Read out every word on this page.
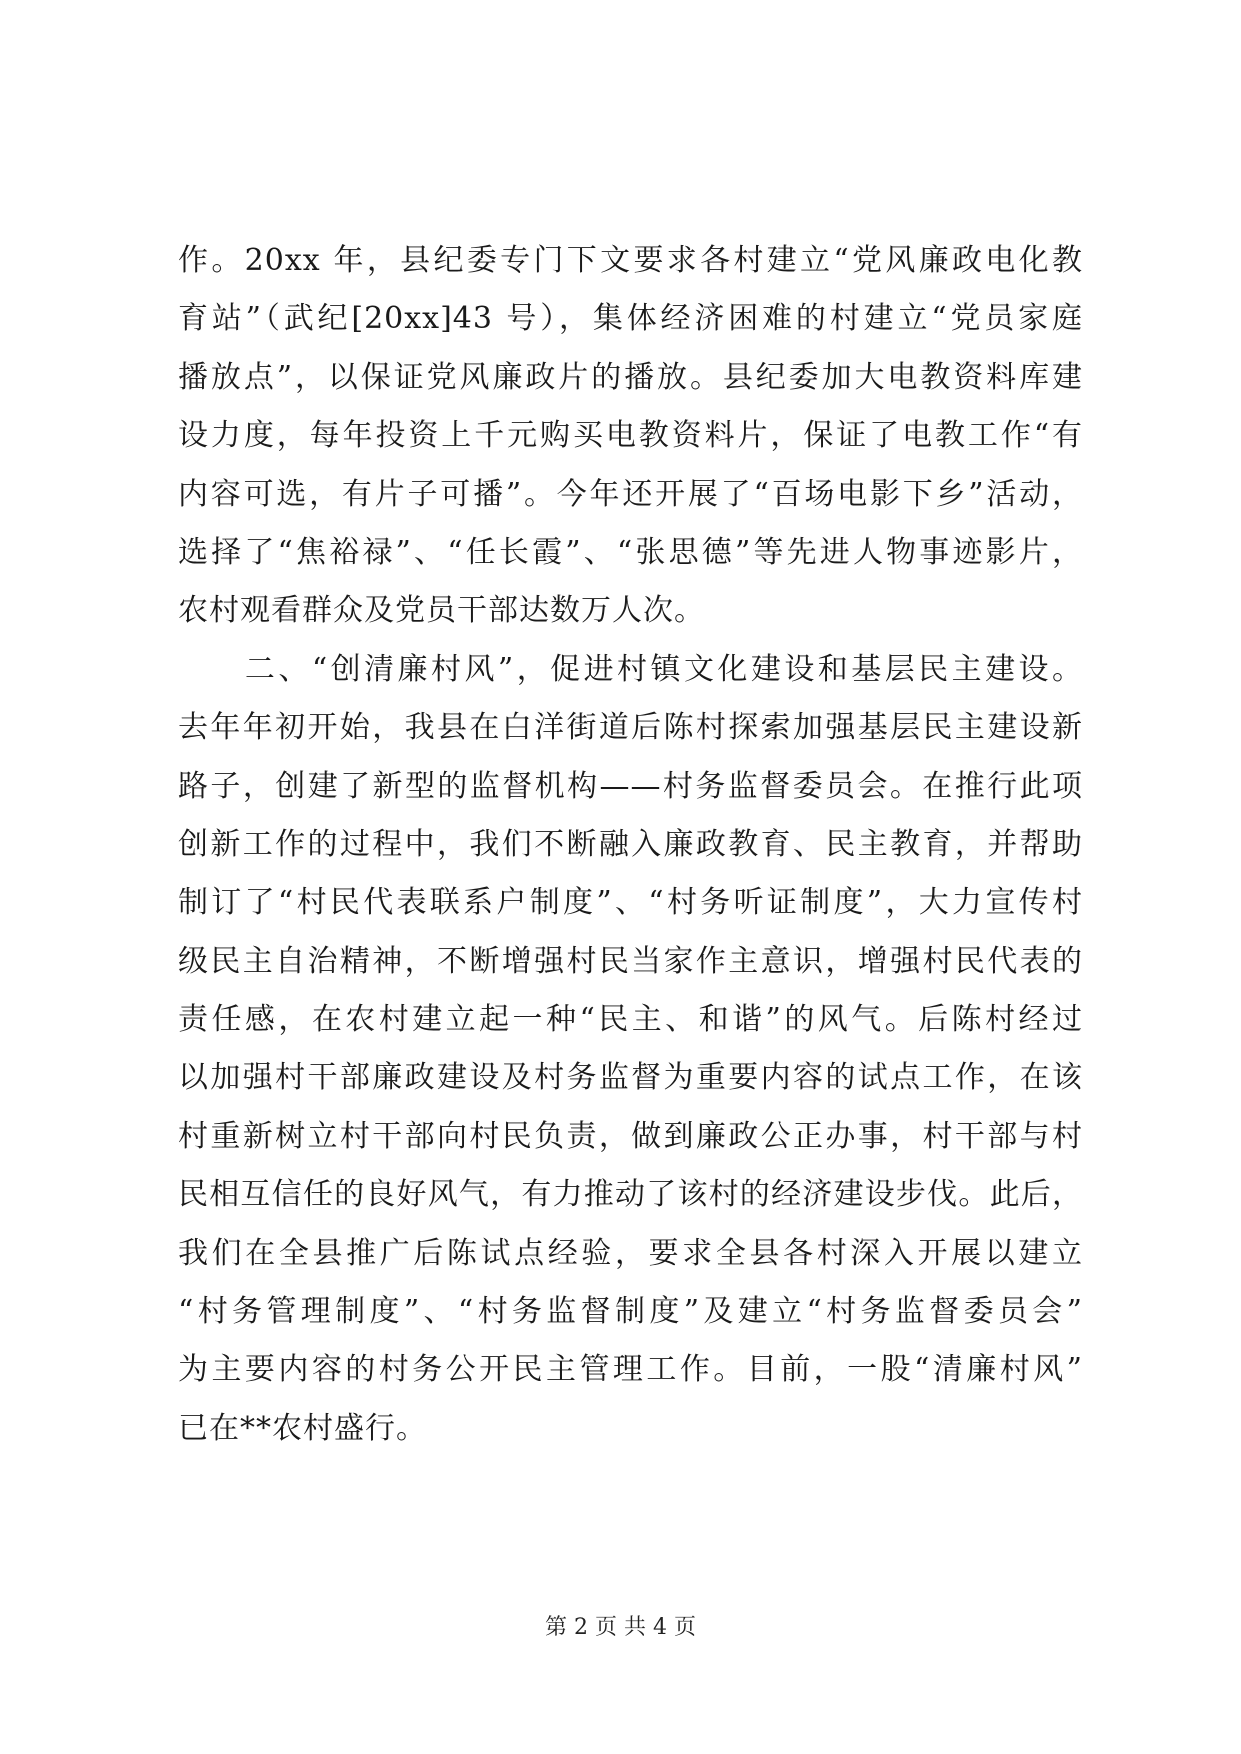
作。20xx 年，县纪委专门下文要求各村建立“党风廉政电化教
育站”（武纪[20xx]43 号），集体经济困难的村建立“党员家庭
播放点”，以保证党风廉政片的播放。县纪委加大电教资料库建
设力度，每年投资上千元购买电教资料片，保证了电教工作“有
内容可选，有片子可播”。今年还开展了“百场电影下乡”活动，
选择了“焦裕禄”、“任长霞”、“张思德”等先进人物事迹影片，
农村观看群众及党员干部达数万人次。
　　二、“创清廉村风”，促进村镇文化建设和基层民主建设。
去年年初开始，我县在白洋街道后陈村探索加强基层民主建设新
路子，创建了新型的监督机构——村务监督委员会。在推行此项
创新工作的过程中，我们不断融入廉政教育、民主教育，并帮助
制订了“村民代表联系户制度”、“村务听证制度”，大力宣传村
级民主自治精神，不断增强村民当家作主意识，增强村民代表的
责任感，在农村建立起一种“民主、和谐”的风气。后陈村经过
以加强村干部廉政建设及村务监督为重要内容的试点工作，在该
村重新树立村干部向村民负责，做到廉政公正办事，村干部与村
民相互信任的良好风气，有力推动了该村的经济建设步伐。此后，
我们在全县推广后陈试点经验，要求全县各村深入开展以建立
“村务管理制度”、“村务监督制度”及建立“村务监督委员会”
为主要内容的村务公开民主管理工作。目前，一股“清廉村风”
已在**农村盛行。
第 2 页 共 4 页
